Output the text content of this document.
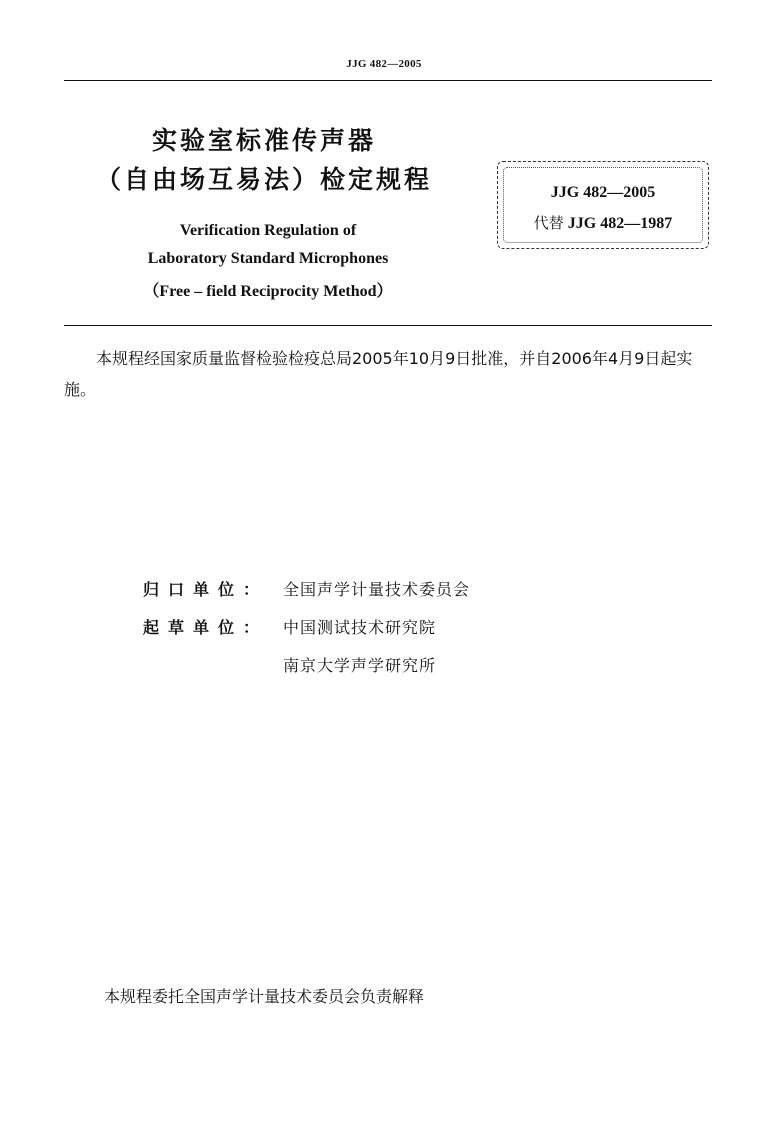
JJG 482—2005
实验室标准传声器
（自由场互易法）检定规程
Verification Regulation of
Laboratory Standard Microphones
（Free – field Reciprocity Method）
JJG 482—2005
代替 JJG 482—1987
本规程经国家质量监督检验检疫总局2005年10月9日批准，并自2006年4月9日起实施。
归口单位： 全国声学计量技术委员会
起草单位： 中国测试技术研究院
南京大学声学研究所
本规程委托全国声学计量技术委员会负责解释
